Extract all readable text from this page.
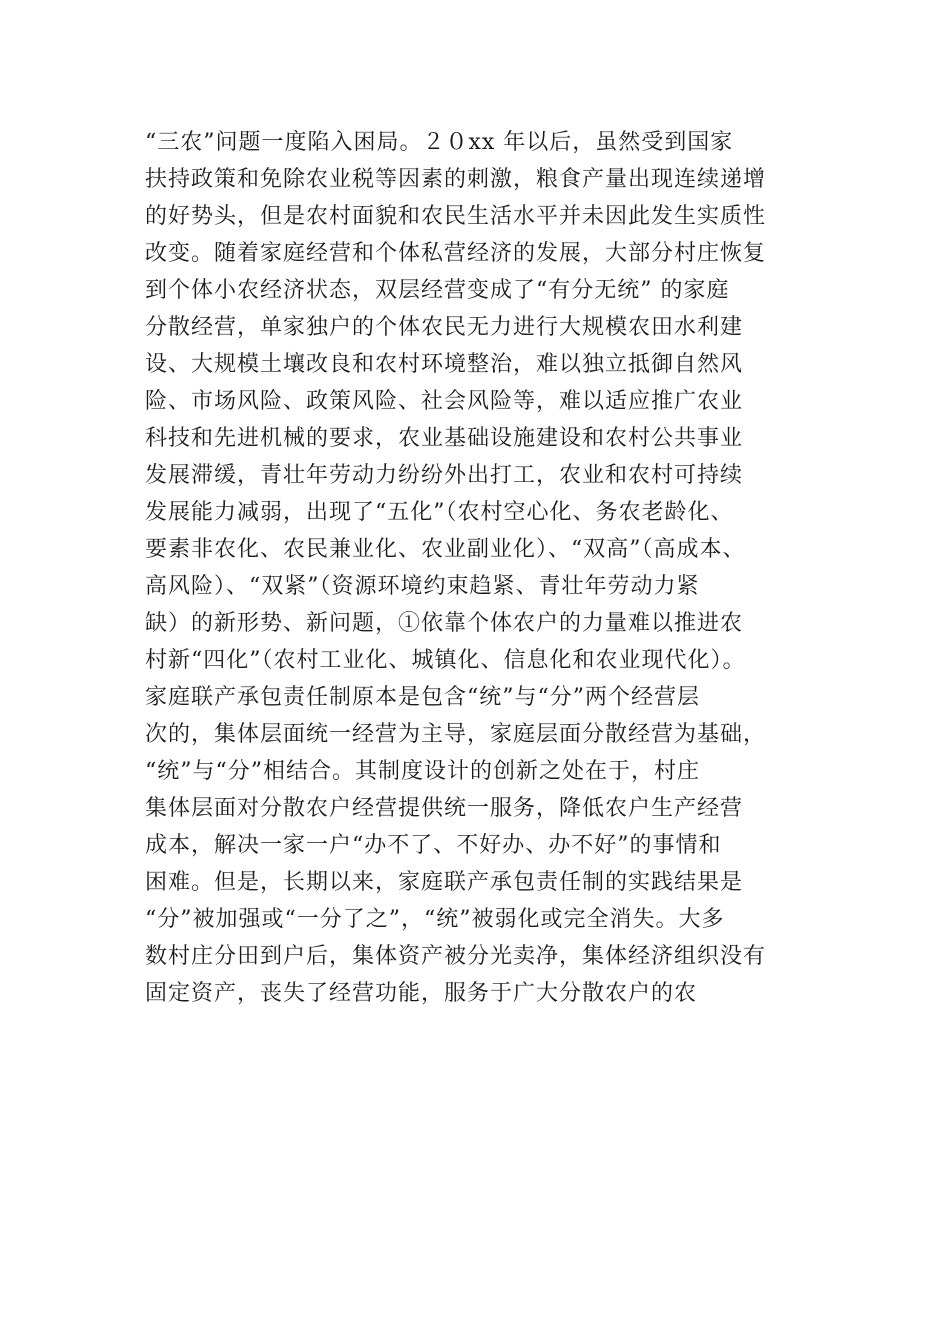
“三农”问题一度陷入困局。２０xx 年以后，虽然受到国家
扶持政策和免除农业税等因素的刺激，粮食产量出现连续递增
的好势头，但是农村面貌和农民生活水平并未因此发生实质性
改变。随着家庭经营和个体私营经济的发展，大部分村庄恢复
到个体小农经济状态，双层经营变成了“有分无统” 的家庭
分散经营，单家独户的个体农民无力进行大规模农田水利建
设、大规模土壤改良和农村环境整治，难以独立抵御自然风
险、市场风险、政策风险、社会风险等，难以适应推广农业
科技和先进机械的要求，农业基础设施建设和农村公共事业
发展滞缓，青壮年劳动力纷纷外出打工，农业和农村可持续
发展能力减弱，出现了“五化”（农村空心化、务农老龄化、
要素非农化、农民兼业化、农业副业化）、“双高”（高成本、
高风险）、“双紧”（资源环境约束趋紧、青壮年劳动力紧
缺）的新形势、新问题，①依靠个体农户的力量难以推进农
村新“四化”（农村工业化、城镇化、信息化和农业现代化）。
家庭联产承包责任制原本是包含“统”与“分”两个经营层
次的，集体层面统一经营为主导，家庭层面分散经营为基础，
“统”与“分”相结合。其制度设计的创新之处在于，村庄
集体层面对分散农户经营提供统一服务，降低农户生产经营
成本，解决一家一户“办不了、不好办、办不好”的事情和
困难。但是，长期以来，家庭联产承包责任制的实践结果是
“分”被加强或“一分了之”，“统”被弱化或完全消失。大多
数村庄分田到户后，集体资产被分光卖净，集体经济组织没有
固定资产，丧失了经营功能，服务于广大分散农户的农
